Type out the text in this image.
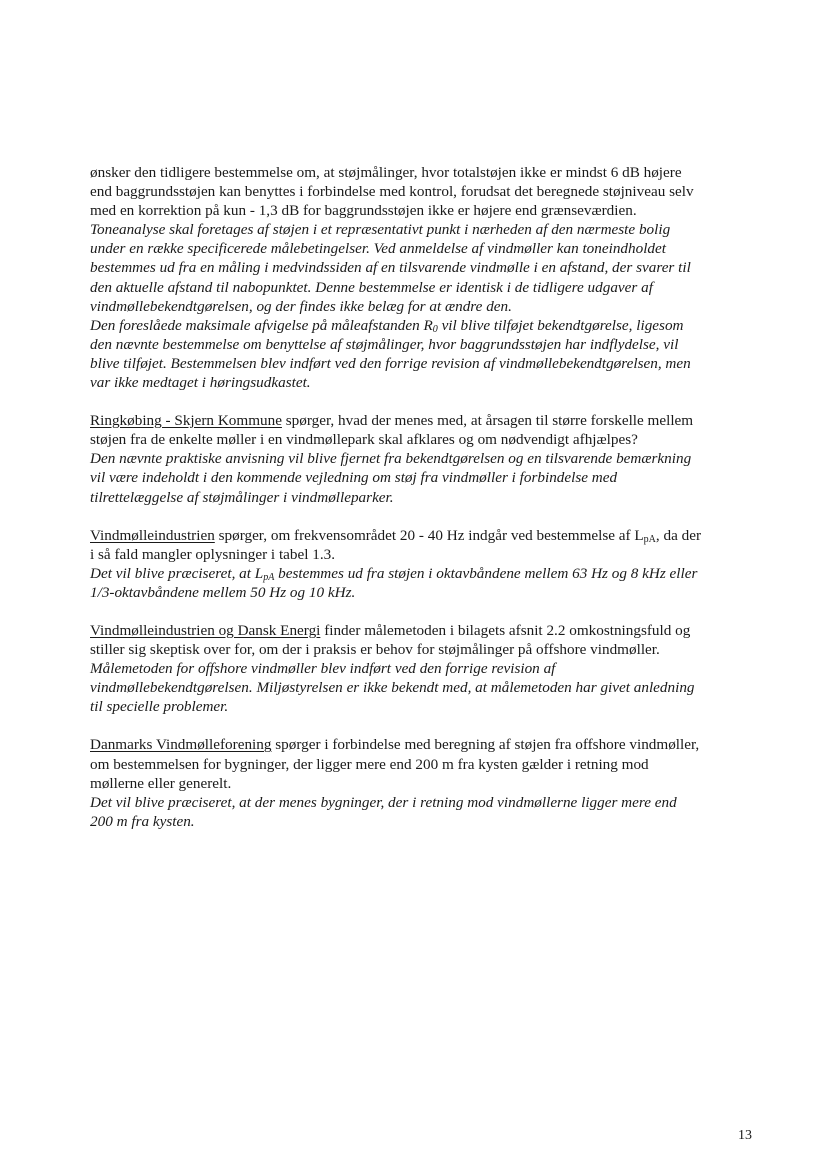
ønsker den tidligere bestemmelse om, at støjmålinger, hvor totalstøjen ikke er mindst 6 dB højere
end baggrundsstøjen kan benyttes i forbindelse med kontrol, forudsat det beregnede støjniveau selv
med en korrektion på kun - 1,3 dB for baggrundsstøjen ikke er højere end grænseværdien.
Toneanalyse skal foretages af støjen i et repræsentativt punkt i nærheden af den nærmeste bolig
under en række specificerede målebetingelser. Ved anmeldelse af vindmøller kan toneindholdet
bestemmes ud fra en måling i medvindssiden af en tilsvarende vindmølle i en afstand, der svarer til
den aktuelle afstand til nabopunktet. Denne bestemmelse er identisk i de tidligere udgaver af
vindmøllebekendtgørelsen, og der findes ikke belæg for at ændre den.
Den foreslåede maksimale afvigelse på måleafstanden $R_0$ vil blive tilføjet bekendtgørelse, ligesom
den nævnte bestemmelse om benyttelse af støjmålinger, hvor baggrundsstøjen har indflydelse, vil
blive tilføjet. Bestemmelsen blev indført ved den forrige revision af vindmøllebekendtgørelsen, men
var ikke medtaget i høringsudkastet.
Ringkøbing - Skjern Kommune spørger, hvad der menes med, at årsagen til større forskelle mellem
støjen fra de enkelte møller i en vindmøllepark skal afklares og om nødvendigt afhjælpes?
Den nævnte praktiske anvisning vil blive fjernet fra bekendtgørelsen og en tilsvarende bemærkning
vil være indeholdt i den kommende vejledning om støj fra vindmøller i forbindelse med
tilrettelæggelse af støjmålinger i vindmølleparker.
Vindmølleindustrien spørger, om frekvensområdet 20 - 40 Hz indgår ved bestemmelse af $L_{pA}$, da der
i så fald mangler oplysninger i tabel 1.3.
Det vil blive præciseret, at $L_{pA}$ bestemmes ud fra støjen i oktavbåndene mellem 63 Hz og 8 kHz eller
1/3-oktavbåndene mellem 50 Hz og 10 kHz.
Vindmølleindustrien og Dansk Energi finder målemetoden i bilagets afsnit 2.2 omkostningsfuld og
stiller sig skeptisk over for, om der i praksis er behov for støjmålinger på offshore vindmøller.
Målemetoden for offshore vindmøller blev indført ved den forrige revision af
vindmøllebekendtgørelsen. Miljøstyrelsen er ikke bekendt med, at målemetoden har givet anledning
til specielle problemer.
Danmarks Vindmølleforening spørger i forbindelse med beregning af støjen fra offshore vindmøller,
om bestemmelsen for bygninger, der ligger mere end 200 m fra kysten gælder i retning mod
møllerne eller generelt.
Det vil blive præciseret, at der menes bygninger, der i retning mod vindmøllerne ligger mere end
200 m fra kysten.
13
